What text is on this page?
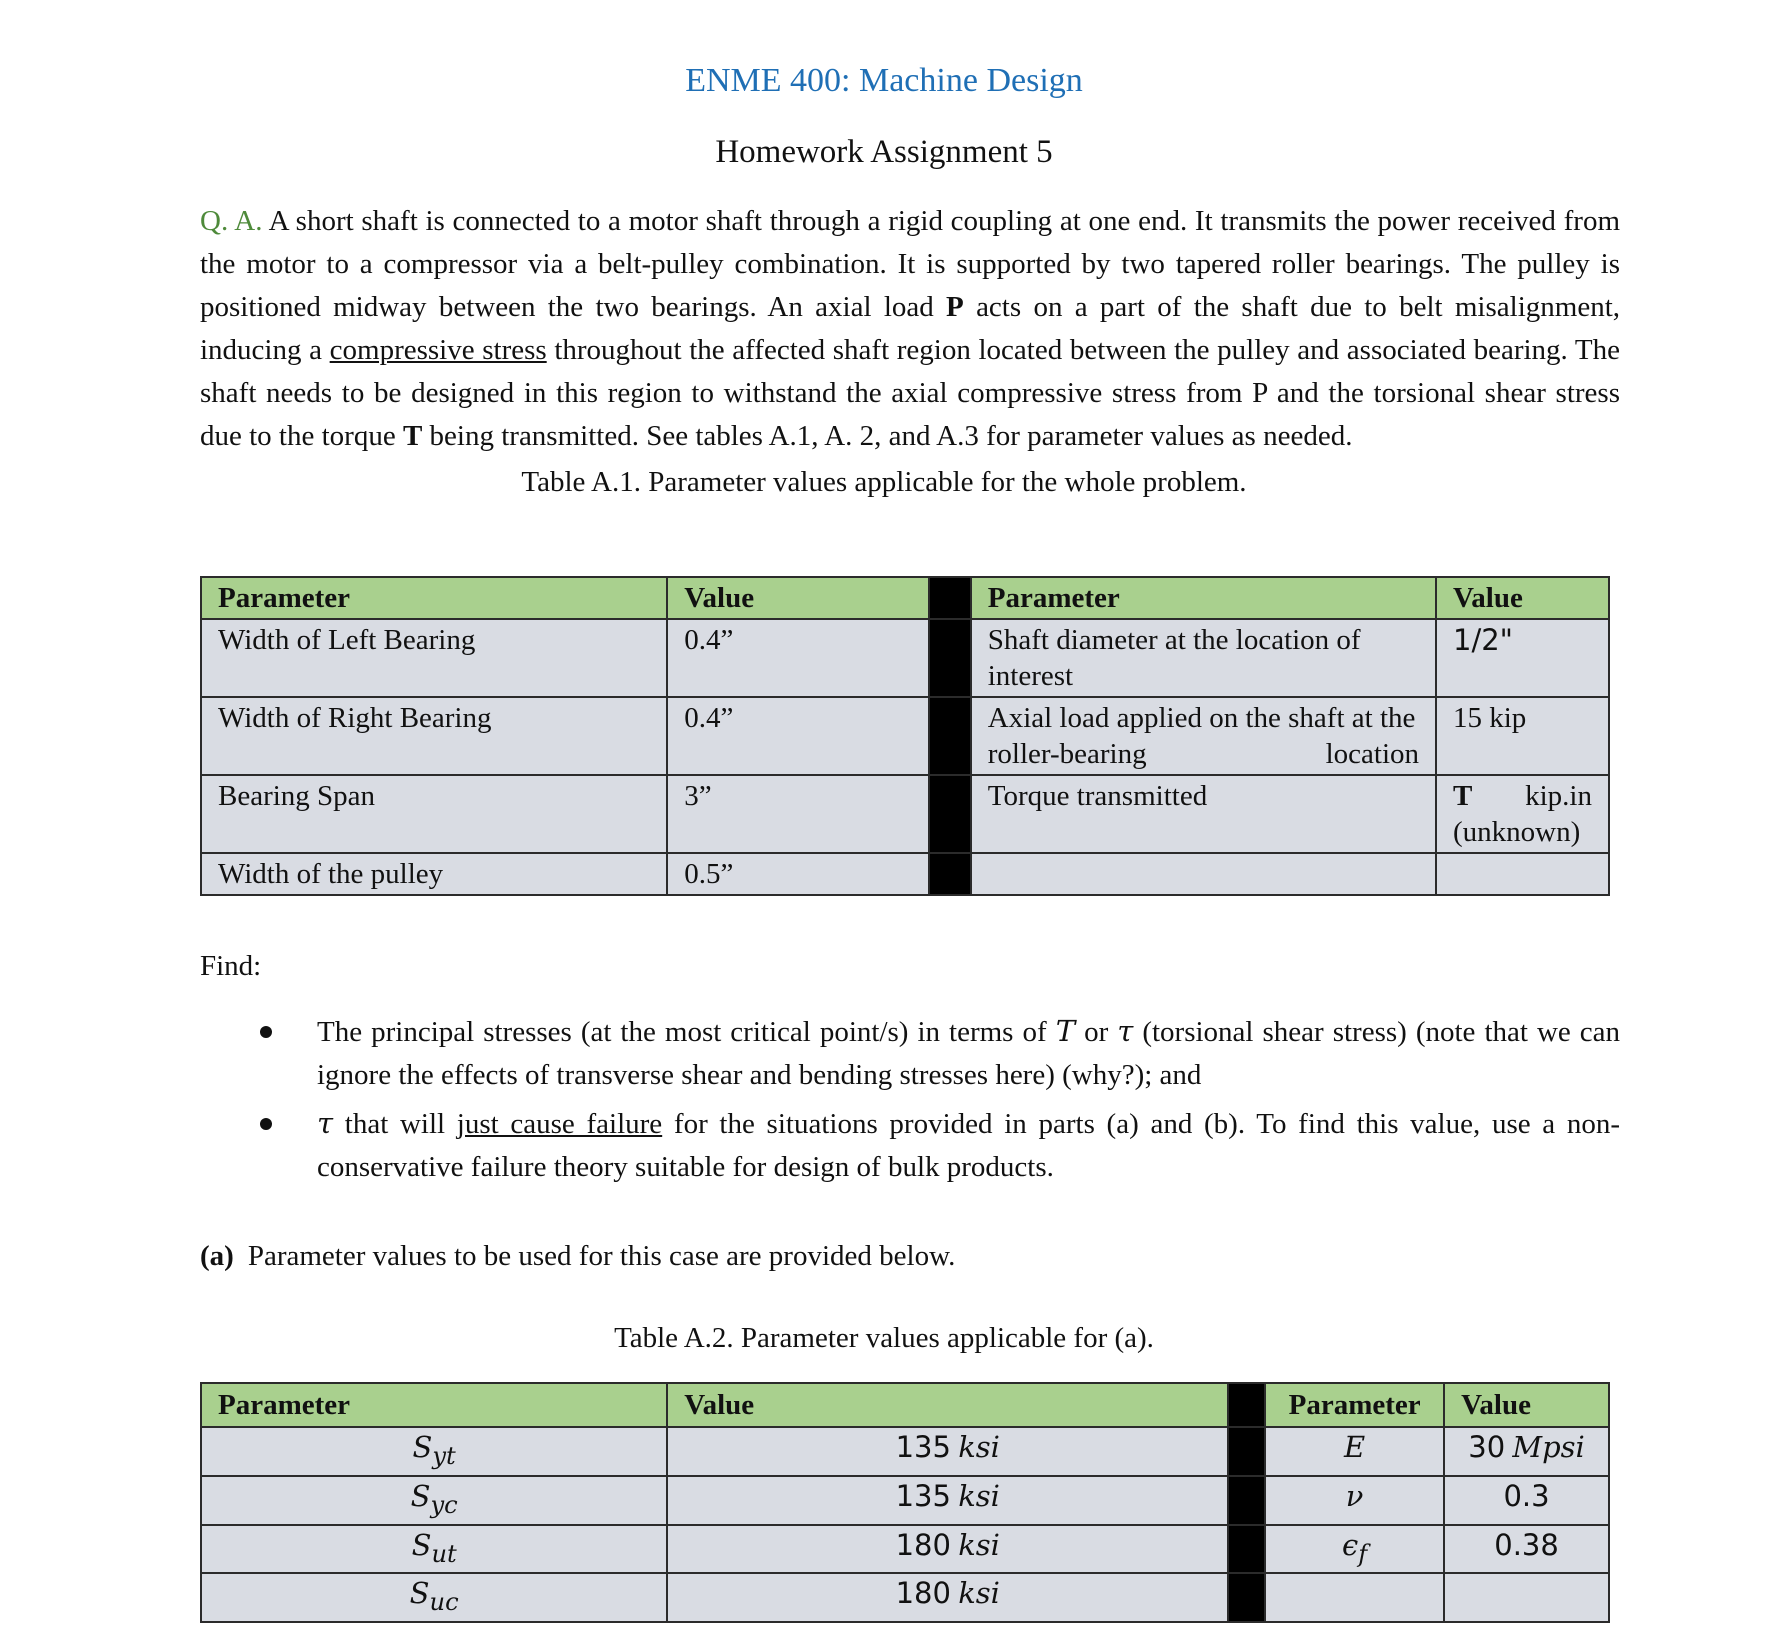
ENME 400: Machine Design
Homework Assignment 5
Q. A. A short shaft is connected to a motor shaft through a rigid coupling at one end. It transmits the power received from the motor to a compressor via a belt-pulley combination. It is supported by two tapered roller bearings. The pulley is positioned midway between the two bearings. An axial load P acts on a part of the shaft due to belt misalignment, inducing a compressive stress throughout the affected shaft region located between the pulley and associated bearing. The shaft needs to be designed in this region to withstand the axial compressive stress from P and the torsional shear stress due to the torque T being transmitted. See tables A.1, A. 2, and A.3 for parameter values as needed.
Table A.1. Parameter values applicable for the whole problem.
Parameter	Value		Parameter	Value
Width of Left Bearing	0.4”		Shaft diameter at the location of interest	1/2"
Width of Right Bearing	0.4”		Axial load applied on the shaft at the roller-bearing location	15 kip
Bearing Span	3”		Torque transmitted	T kip.in
(unknown)

Width of the pulley	0.5”			
Find:
The principal stresses (at the most critical point/s) in terms of T or τ (torsional shear stress) (note that we can ignore the effects of transverse shear and bending stresses here) (why?); and
τ that will just cause failure for the situations provided in parts (a) and (b). To find this value, use a non-conservative failure theory suitable for design of bulk products.
(a) Parameter values to be used for this case are provided below.
Table A.2. Parameter values applicable for (a).
Parameter	Value		Parameter	Value
$S_{yt}$	135 ksi		E	30 Mpsi
$S_{yc}$	135 ksi		ν	0.3
$S_{ut}$	180 ksi		$\epsilon_f$	0.38
$S_{uc}$	180 ksi			
